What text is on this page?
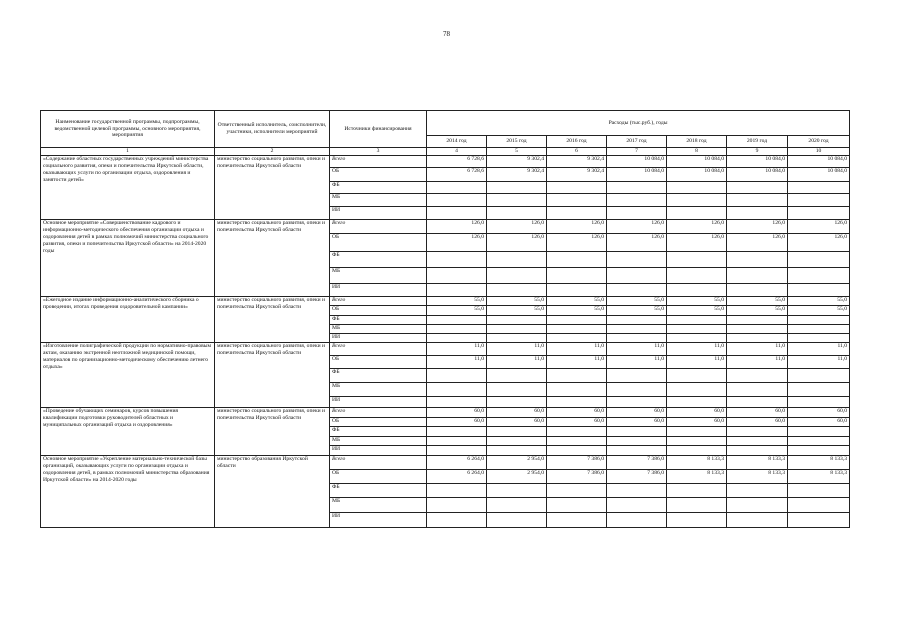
78
Наименование государственной программы, подпрограммы, ведомственной целевой программы, основного мероприятия, мероприятия	Ответственный исполнитель, соисполнители, участники, исполнители мероприятий	Источники финансирования	Расходы (тыс.руб.), годы						
			2014 год	2015 год	2016 год	2017 год	2018 год	2019 год	2020 год
1	2	3	4	5	6	7	8	9	10
«Содержание областных государственных учреждений министерства социального развития, опеки и попечительства Иркутской области, оказывающих услуги по организации отдыха, оздоровления и занятости детей»	министерство социального развития, опеки и попечительства Иркутской области	Всего	6 728,6	9 302,4	9 302,4	10 084,0	10 084,0	10 084,0	10 084,0
		ОБ	6 728,6	9 302,4	9 302,4	10 084,0	10 084,0	10 084,0	10 084,0
		ФБ							
		МБ							
		ИИ							
Основное мероприятие «Совершенствование кадрового и информационно-методического обеспечения организации отдыха и оздоровления детей в рамках полномочий министерства социального развития, опеки и попечительства Иркутской области» на 2014-2020 годы	министерство социального развития, опеки и попечительства Иркутской области	Всего	126,0	126,0	126,0	126,0	126,0	126,0	126,0
		ОБ	126,0	126,0	126,0	126,0	126,0	126,0	126,0
		ФБ							
		МБ							
		ИИ							
«Ежегодное издание информационно-аналитического сборника о проведении, итогах проведения оздоровительной кампании»	министерство социального развития, опеки и попечительства Иркутской области	Всего	55,0	55,0	55,0	55,0	55,0	55,0	55,0
		ОБ	55,0	55,0	55,0	55,0	55,0	55,0	55,0
		ФБ							
		МБ							
		ИИ							
«Изготовление полиграфической продукции по нормативно-правовым актам, оказанию экстренной неотложной медицинской помощи, материалов по организационно-методическому обеспечению летнего отдыха»	министерство социального развития, опеки и попечительства Иркутской области	Всего	11,0	11,0	11,0	11,0	11,0	11,0	11,0
		ОБ	11,0	11,0	11,0	11,0	11,0	11,0	11,0
		ФБ							
		МБ							
		ИИ							
«Проведение обучающих семинаров, курсов повышения квалификации подготовки руководителей областных и муниципальных организаций отдыха и оздоровления»	министерство социального развития, опеки и попечительства Иркутской области	Всего	60,0	60,0	60,0	60,0	60,0	60,0	60,0
		ОБ	60,0	60,0	60,0	60,0	60,0	60,0	60,0
		ФБ							
		МБ							
		ИИ							
Основное мероприятие «Укрепление материально-технической базы организаций, оказывающих услуги по организации отдыха и оздоровления детей, в рамках полномочий министерства образования Иркутской области» на 2014-2020 годы	министерство образования Иркутской области	Всего	6 264,0	2 954,0	7 386,0	7 386,0	8 133,3	8 133,3	8 133,3
		ОБ	6 264,0	2 954,0	7 386,0	7 386,0	8 133,3	8 133,3	8 133,3
		ФБ							
		МБ							
		ИИ							
